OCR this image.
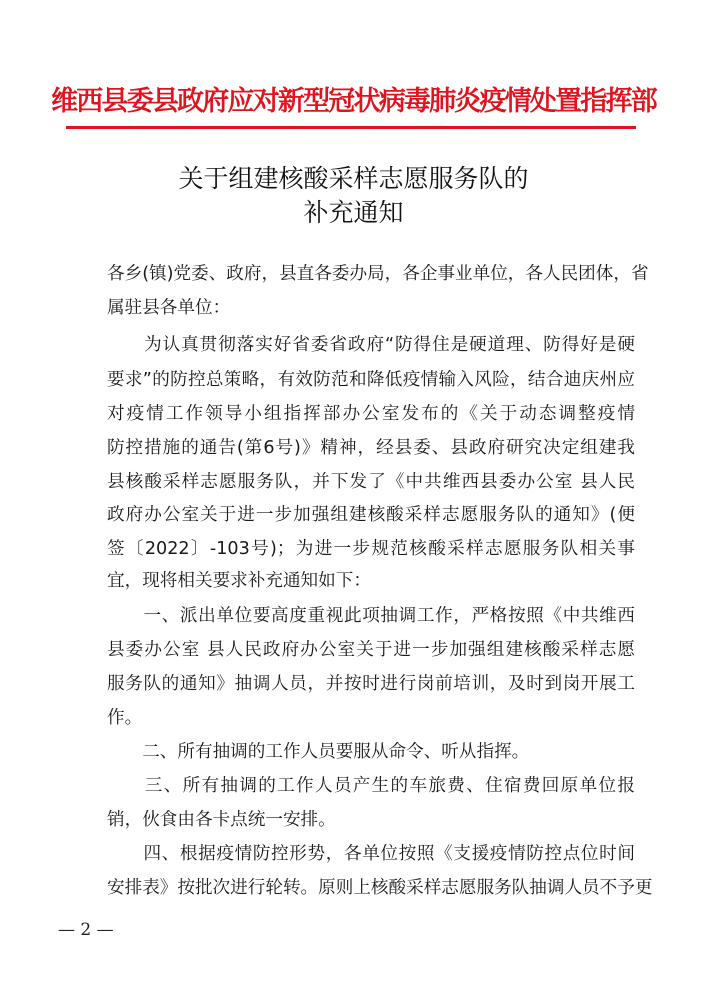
维西县委县政府应对新型冠状病毒肺炎疫情处置指挥部
关于组建核酸采样志愿服务队的
补充通知
各乡(镇)党委、政府，县直各委办局，各企事业单位，各人民团体，省
属驻县各单位：
　　为认真贯彻落实好省委省政府“防得住是硬道理、防得好是硬
要求”的防控总策略，有效防范和降低疫情输入风险，结合迪庆州应
对疫情工作领导小组指挥部办公室发布的《关于动态调整疫情
防控措施的通告(第6号)》精神，经县委、县政府研究决定组建我
县核酸采样志愿服务队，并下发了《中共维西县委办公室 县人民
政府办公室关于进一步加强组建核酸采样志愿服务队的通知》(便
签〔2022〕-103号)；为进一步规范核酸采样志愿服务队相关事
宜，现将相关要求补充通知如下：
　　一、派出单位要高度重视此项抽调工作，严格按照《中共维西
县委办公室 县人民政府办公室关于进一步加强组建核酸采样志愿
服务队的通知》抽调人员，并按时进行岗前培训，及时到岗开展工
作。
　　二、所有抽调的工作人员要服从命令、听从指挥。
　　三、所有抽调的工作人员产生的车旅费、住宿费回原单位报
销，伙食由各卡点统一安排。
　　四、根据疫情防控形势，各单位按照《支援疫情防控点位时间
安排表》按批次进行轮转。原则上核酸采样志愿服务队抽调人员不予更
— 2 —
